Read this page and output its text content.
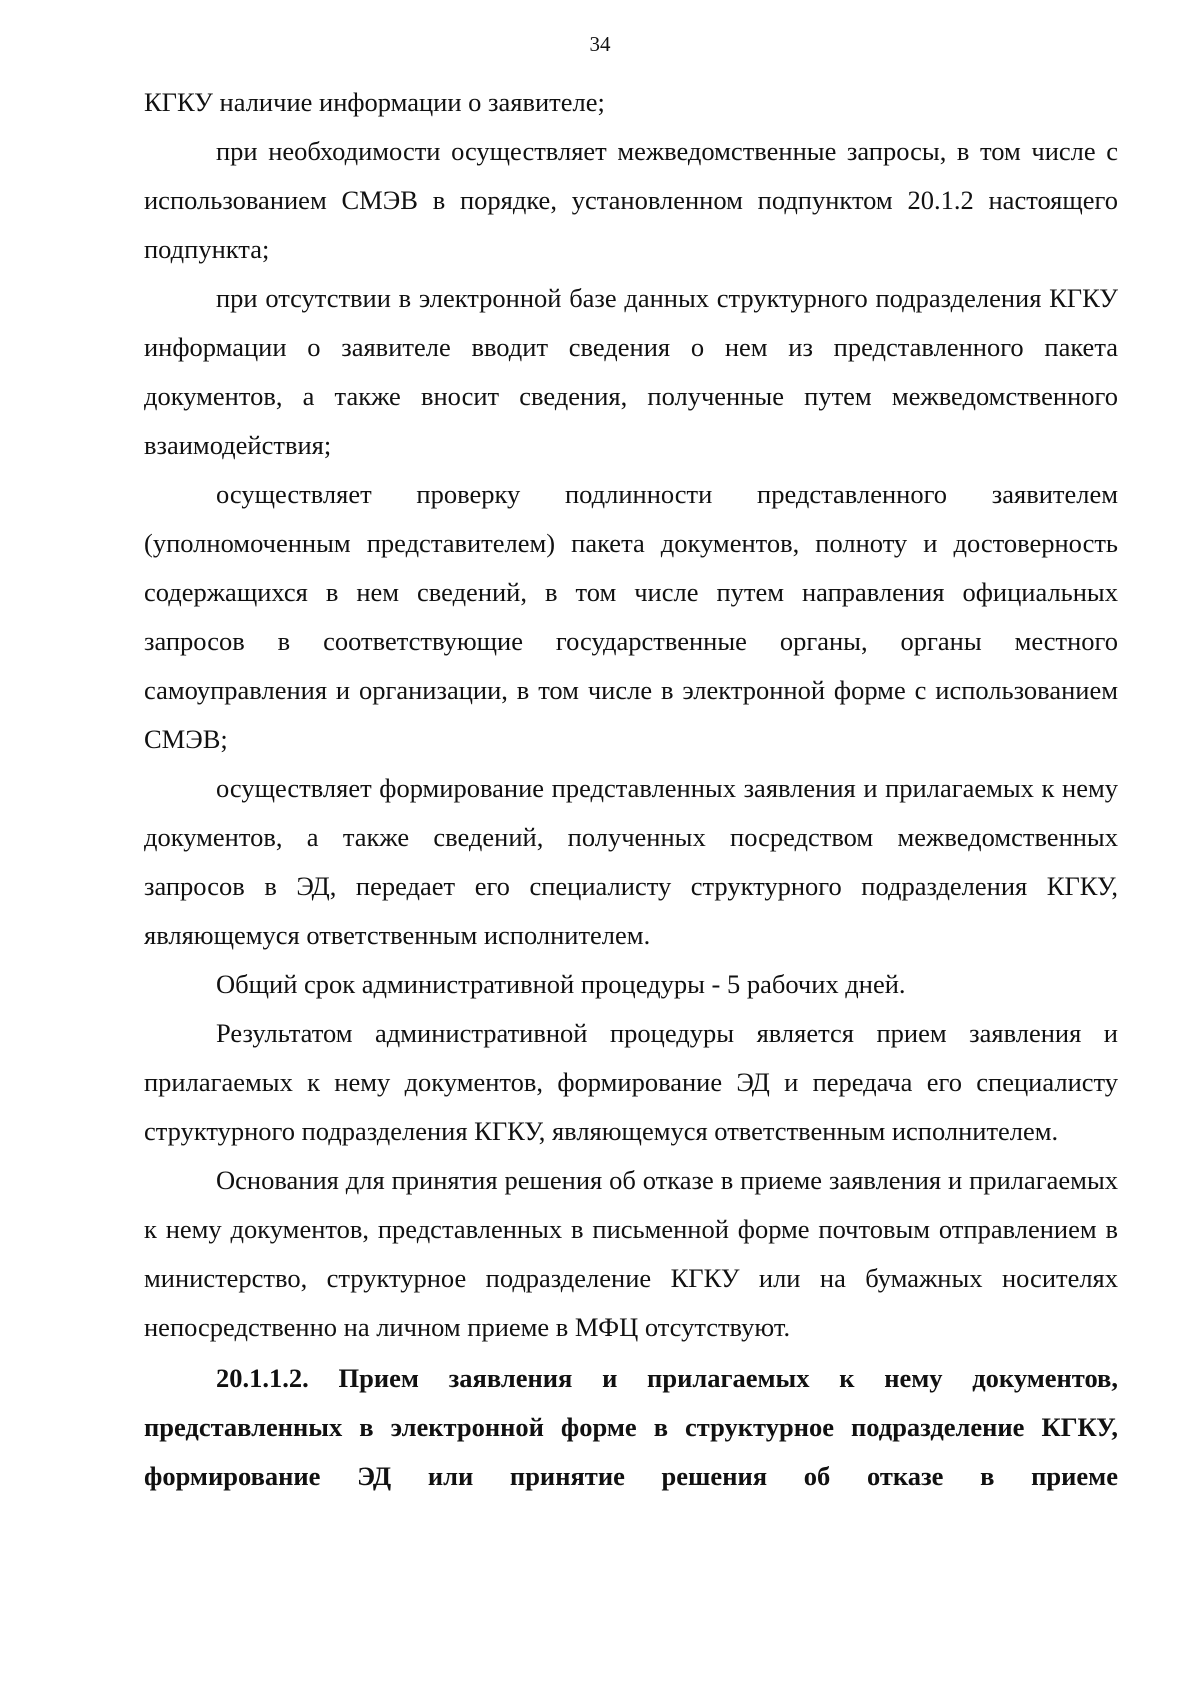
34

КГКУ наличие информации о заявителе;

при необходимости осуществляет межведомственные запросы, в том числе с использованием СМЭВ в порядке, установленном подпунктом 20.1.2 настоящего подпункта;

при отсутствии в электронной базе данных структурного подразделения КГКУ информации о заявителе вводит сведения о нем из представленного пакета документов, а также вносит сведения, полученные путем межведомственного взаимодействия;

осуществляет проверку подлинности представленного заявителем (уполномоченным представителем) пакета документов, полноту и достоверность содержащихся в нем сведений, в том числе путем направления официальных запросов в соответствующие государственные органы, органы местного самоуправления и организации, в том числе в электронной форме с использованием СМЭВ;

осуществляет формирование представленных заявления и прилагаемых к нему документов, а также сведений, полученных посредством межведомственных запросов в ЭД, передает его специалисту структурного подразделения КГКУ, являющемуся ответственным исполнителем.

Общий срок административной процедуры - 5 рабочих дней.

Результатом административной процедуры является прием заявления и прилагаемых к нему документов, формирование ЭД и передача его специалисту структурного подразделения КГКУ, являющемуся ответственным исполнителем.

Основания для принятия решения об отказе в приеме заявления и прилагаемых к нему документов, представленных в письменной форме почтовым отправлением в министерство, структурное подразделение КГКУ или на бумажных носителях непосредственно на личном приеме в МФЦ отсутствуют.

20.1.1.2. Прием заявления и прилагаемых к нему документов, представленных в электронной форме в структурное подразделение КГКУ, формирование ЭД или принятие решения об отказе в приеме
